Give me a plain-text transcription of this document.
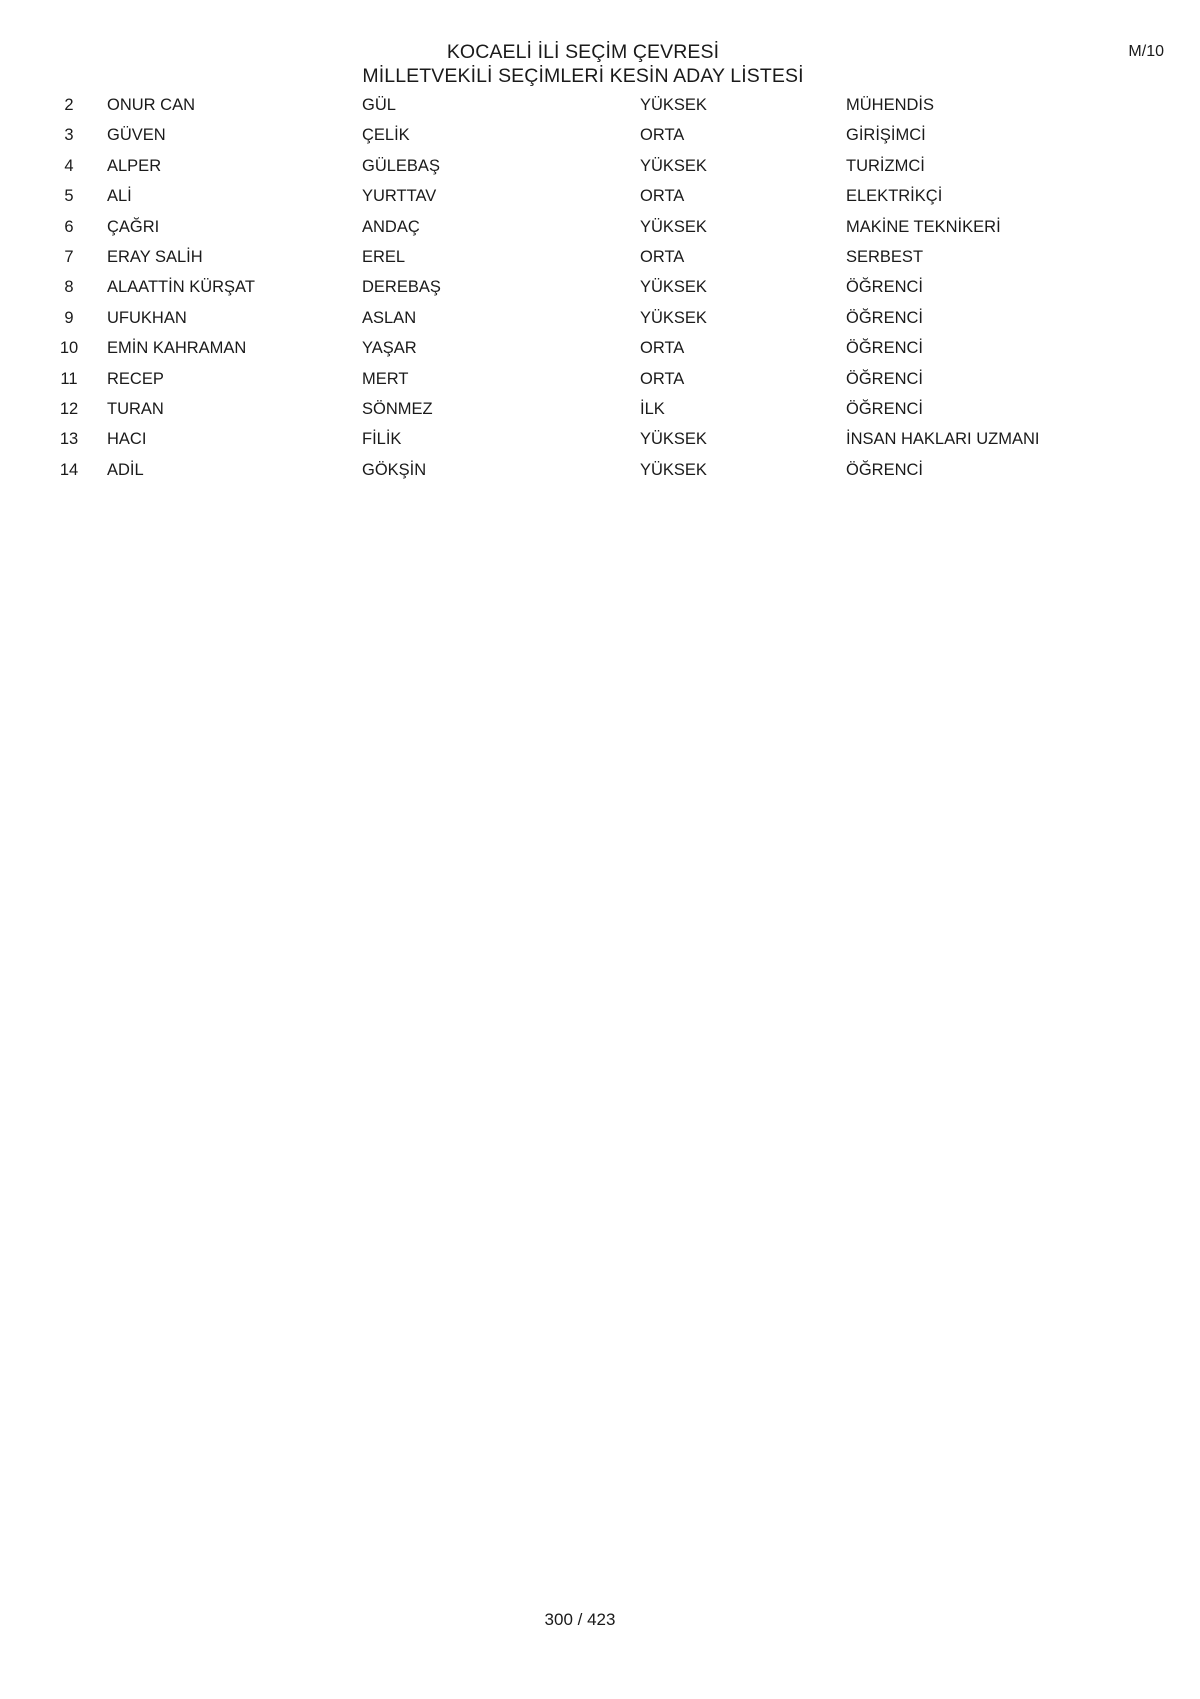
KOCAELİ İLİ SEÇİM ÇEVRESİ
MİLLETVEKİLİ SEÇİMLERİ KESİN ADAY LİSTESİ
M/10
2	ONUR CAN	GÜL	YÜKSEK	MÜHENDİS
3	GÜVEN	ÇELİK	ORTA	GİRİŞİMCİ
4	ALPER	GÜLEBAŞ	YÜKSEK	TURİZMCİ
5	ALİ	YURTTAV	ORTA	ELEKTRİKÇİ
6	ÇAĞRI	ANDAÇ	YÜKSEK	MAKİNE TEKNİKERİ
7	ERAY SALİH	EREL	ORTA	SERBEST
8	ALAATTİN KÜRŞAT	DEREBAŞ	YÜKSEK	ÖĞRENCİ
9	UFUKHAN	ASLAN	YÜKSEK	ÖĞRENCİ
10 EMİN KAHRAMAN	YAŞAR	ORTA	ÖĞRENCİ
11 RECEP	MERT	ORTA	ÖĞRENCİ
12 TURAN	SÖNMEZ	İLK	ÖĞRENCİ
13 HACI	FİLİK	YÜKSEK	İNSAN HAKLARI UZMANI
14 ADİL	GÖKŞİN	YÜKSEK	ÖĞRENCİ
300 / 423
